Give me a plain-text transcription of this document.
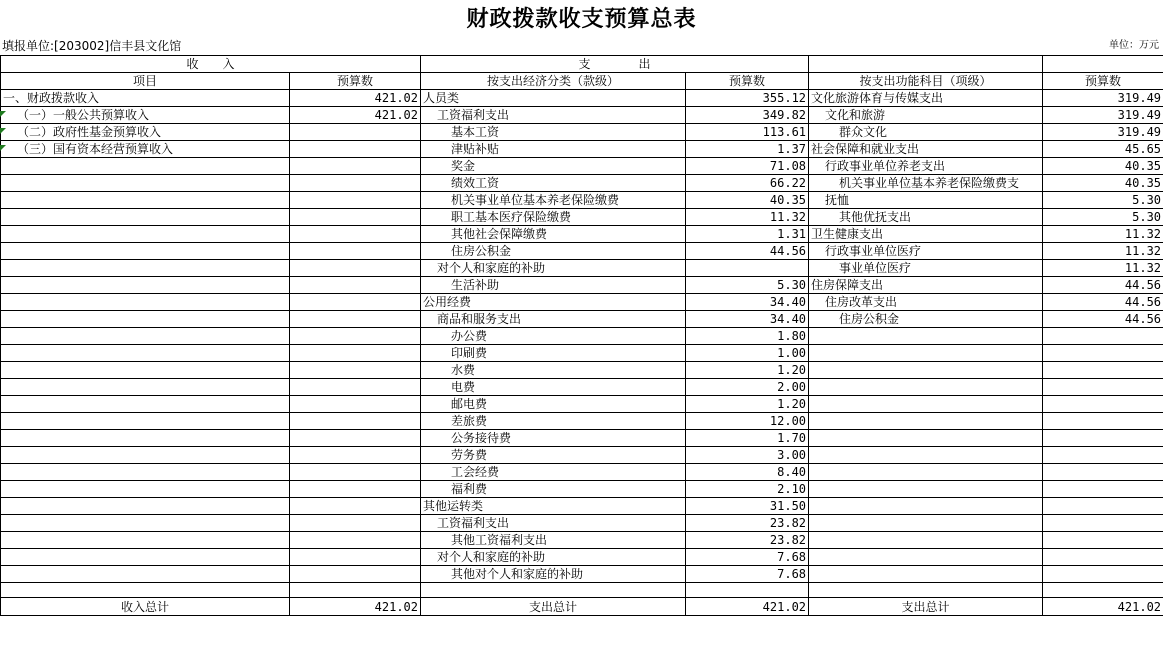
财政拨款收支预算总表
填报单位:[203002]信丰县文化馆	单位：万元
收　　入		支　　　　出			
项目	预算数	按支出经济分类（款级）	预算数	按支出功能科目（项级）	预算数
一、财政拨款收入	421.02	人员类	355.12	文化旅游体育与传媒支出	319.49
（一）一般公共预算收入	421.02	工资福利支出	349.82	文化和旅游	319.49
（二）政府性基金预算收入		基本工资	113.61	群众文化	319.49
（三）国有资本经营预算收入		津贴补贴	1.37	社会保障和就业支出	45.65
		奖金	71.08	行政事业单位养老支出	40.35
		绩效工资	66.22	机关事业单位基本养老保险缴费支	40.35
		机关事业单位基本养老保险缴费	40.35	抚恤	5.30
		职工基本医疗保险缴费	11.32	其他优抚支出	5.30
		其他社会保障缴费	1.31	卫生健康支出	11.32
		住房公积金	44.56	行政事业单位医疗	11.32
		对个人和家庭的补助		事业单位医疗	11.32
		生活补助	5.30	住房保障支出	44.56
		公用经费	34.40	住房改革支出	44.56
		商品和服务支出	34.40	住房公积金	44.56
		办公费	1.80		
		印刷费	1.00		
		水费	1.20		
		电费	2.00		
		邮电费	1.20		
		差旅费	12.00		
		公务接待费	1.70		
		劳务费	3.00		
		工会经费	8.40		
		福利费	2.10		
		其他运转类	31.50		
		工资福利支出	23.82		
		其他工资福利支出	23.82		
		对个人和家庭的补助	7.68		
		其他对个人和家庭的补助	7.68		

收入总计	421.02	支出总计	421.02	支出总计	421.02
